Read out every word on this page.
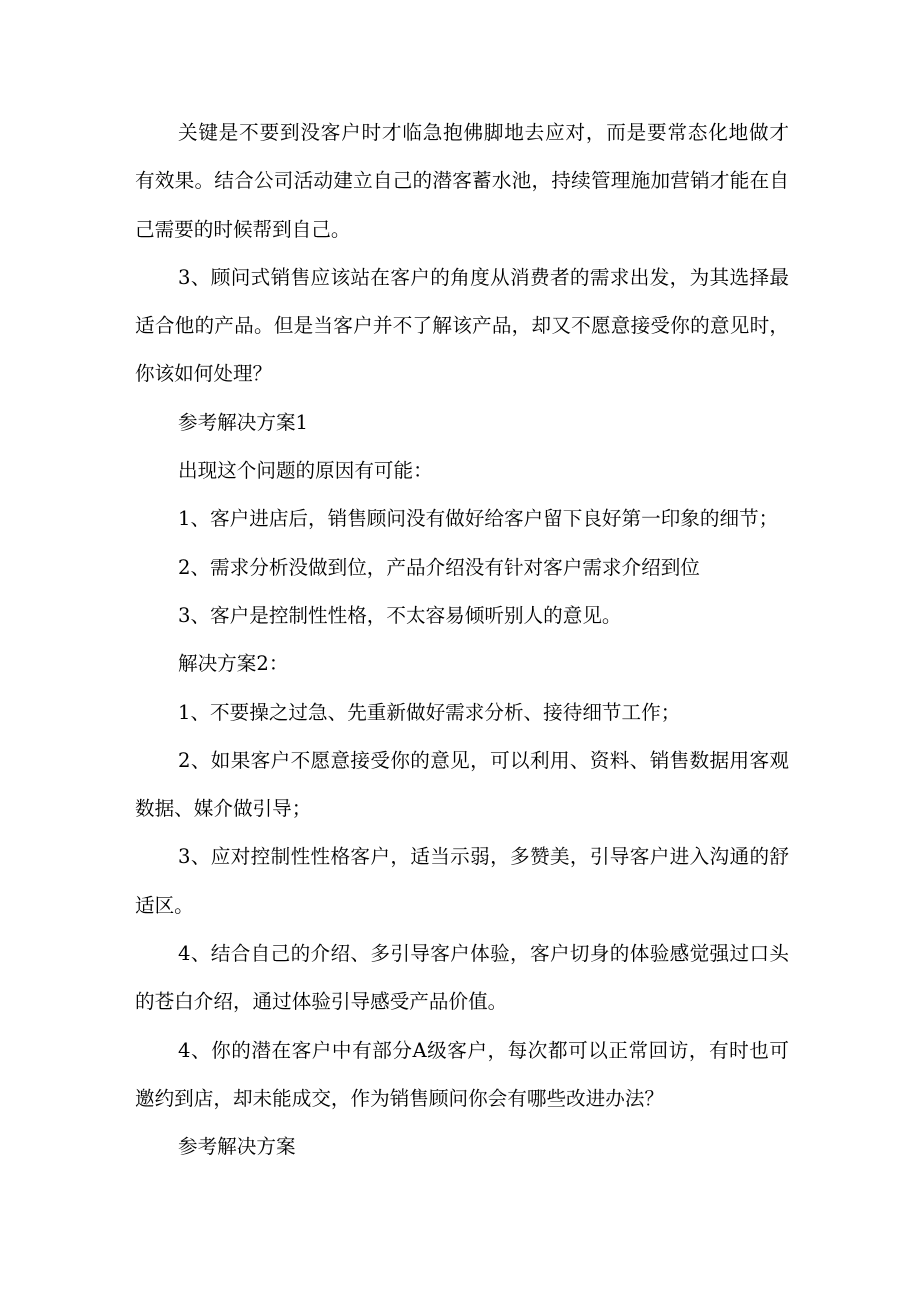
关键是不要到没客户时才临急抱佛脚地去应对，而是要常态化地做才
有效果。结合公司活动建立自己的潜客蓄水池，持续管理施加营销才能在自
己需要的时候帮到自己。
3、顾问式销售应该站在客户的角度从消费者的需求出发，为其选择最
适合他的产品。但是当客户并不了解该产品，却又不愿意接受你的意见时，
你该如何处理？
参考解决方案1
出现这个问题的原因有可能：
1、客户进店后，销售顾问没有做好给客户留下良好第一印象的细节；
2、需求分析没做到位，产品介绍没有针对客户需求介绍到位
3、客户是控制性性格，不太容易倾听别人的意见。
解决方案2：
1、不要操之过急、先重新做好需求分析、接待细节工作；
2、如果客户不愿意接受你的意见，可以利用、资料、销售数据用客观
数据、媒介做引导；
3、应对控制性性格客户，适当示弱，多赞美，引导客户进入沟通的舒
适区。
4、结合自己的介绍、多引导客户体验，客户切身的体验感觉强过口头
的苍白介绍，通过体验引导感受产品价值。
4、你的潜在客户中有部分A级客户，每次都可以正常回访，有时也可
邀约到店，却未能成交，作为销售顾问你会有哪些改进办法？
参考解决方案
